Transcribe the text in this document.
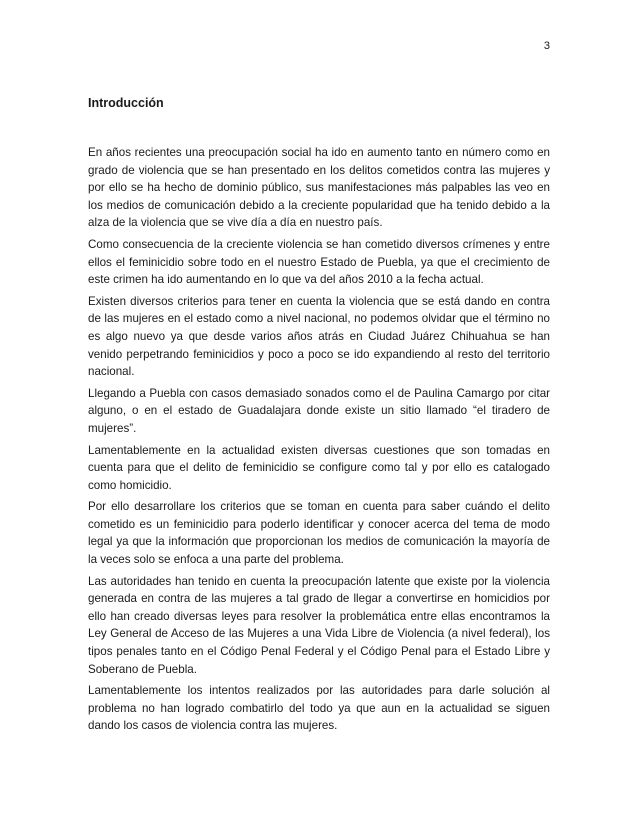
3
Introducción

En años recientes una preocupación social ha ido en aumento tanto en número como en grado de violencia que se han presentado en los delitos cometidos contra las mujeres y por ello se ha hecho de dominio público, sus manifestaciones más palpables las veo en los medios de comunicación debido a la creciente popularidad que ha tenido debido a la alza de la violencia que se vive día a día en nuestro país.

Como consecuencia de la creciente violencia se han cometido diversos crímenes y entre ellos el feminicidio sobre todo en el nuestro Estado de Puebla, ya que el crecimiento de este crimen ha ido aumentando en lo que va del años 2010 a la fecha actual.

Existen diversos criterios para tener en cuenta la violencia que se está dando en contra de las mujeres en el estado como a nivel nacional, no podemos olvidar que el término no es algo nuevo ya que desde varios años atrás en Ciudad Juárez Chihuahua se han venido perpetrando feminicidios y poco a poco se ido expandiendo al resto del territorio nacional.

Llegando a Puebla con casos demasiado sonados como el de Paulina Camargo por citar alguno, o en el estado de Guadalajara donde existe un sitio llamado “el tiradero de mujeres”.

Lamentablemente en la actualidad existen diversas cuestiones que son tomadas en cuenta para que el delito de feminicidio se configure como tal y por ello es catalogado como homicidio.

Por ello desarrollare los criterios que se toman en cuenta para saber cuándo el delito cometido es un feminicidio para poderlo identificar y conocer acerca del tema de modo legal ya que la información que proporcionan los medios de comunicación la mayoría de la veces solo se enfoca a una parte del problema.

Las autoridades han tenido en cuenta la preocupación latente que existe por la violencia generada en contra de las mujeres a tal grado de llegar a convertirse en homicidios por ello han creado diversas leyes para resolver la problemática entre ellas encontramos la Ley General de Acceso de las Mujeres a una Vida Libre de Violencia (a nivel federal), los tipos penales tanto en el Código Penal Federal y el Código Penal para el Estado Libre y Soberano de Puebla.

Lamentablemente los intentos realizados por las autoridades para darle solución al problema no han logrado combatirlo del todo ya que aun en la actualidad se siguen dando los casos de violencia contra las mujeres.
